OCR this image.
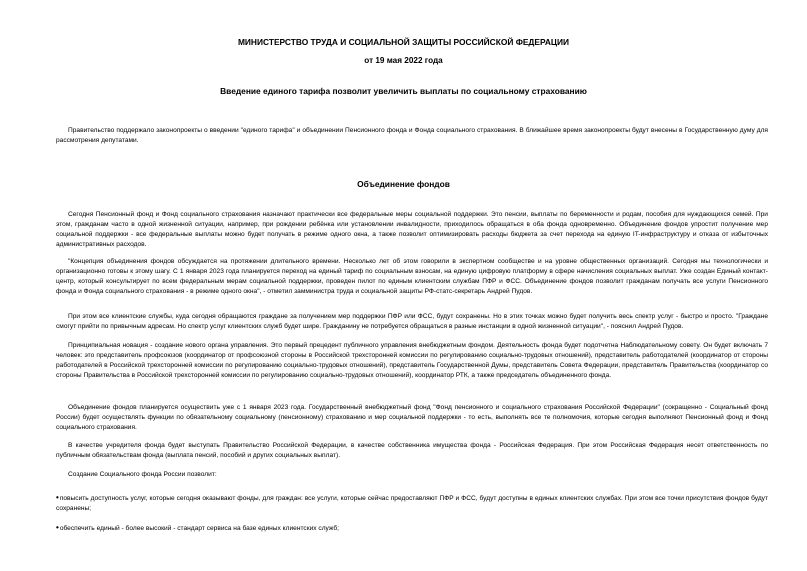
МИНИСТЕРСТВО ТРУДА И СОЦИАЛЬНОЙ ЗАЩИТЫ РОССИЙСКОЙ ФЕДЕРАЦИИ
от 19 мая 2022 года
Введение единого тарифа позволит увеличить выплаты по социальному страхованию
Правительство поддержало законопроекты о введении "единого тарифа" и объединении Пенсионного фонда и Фонда социального страхования. В ближайшее время законопроекты будут внесены в Государственную думу для рассмотрения депутатами.
Объединение фондов
Сегодня Пенсионный фонд и Фонд социального страхования назначают практически все федеральные меры социальной поддержки. Это пенсии, выплаты по беременности и родам, пособия для нуждающихся семей. При этом, гражданам часто в одной жизненной ситуации, например, при рождении ребёнка или установлении инвалидности, приходилось обращаться в оба фонда одновременно. Объединение фондов упростит получение мер социальной поддержки - все федеральные выплаты можно будет получать в режиме одного окна, а также позволит оптимизировать расходы бюджета за счет перехода на единую IT-инфраструктуру и отказа от избыточных административных расходов.
"Концепция объединения фондов обсуждается на протяжении длительного времени. Несколько лет об этом говорили в экспертном сообществе и на уровне общественных организаций. Сегодня мы технологически и организационно готовы к этому шагу. С 1 января 2023 года планируется переход на единый тариф по социальным взносам, на единую цифровую платформу в сфере начисления социальных выплат. Уже создан Единый контакт-центр, который консультирует по всем федеральным мерам социальной поддержки, проведен пилот по единым клиентским службам ПФР и ФСС. Объединение фондов позволит гражданам получать все услуги Пенсионного фонда и Фонда социального страхования - в режиме одного окна", - отметил замминистра труда и социальной защиты РФ-статс-секретарь Андрей Пудов.
При этом все клиентские службы, куда сегодня обращаются граждане за получением мер поддержки ПФР или ФСС, будут сохранены. Но в этих точках можно будет получить весь спектр услуг - быстро и просто. "Граждане смогут прийти по привычным адресам. Но спектр услуг клиентских служб будет шире. Гражданину не потребуется обращаться в разные инстанции в одной жизненной ситуации", - пояснил Андрей Пудов.
Принципиальная новация - создание нового органа управления. Это первый прецедент публичного управления внебюджетным фондом. Деятельность фонда будет подотчетна Наблюдательному совету. Он будет включать 7 человек: это представитель профсоюзов (координатор от профсоюзной стороны в Российской трехсторонней комиссии по регулированию социально-трудовых отношений), представитель работодателей (координатор от стороны работодателей в Российской трехсторонней комиссии по регулированию социально-трудовых отношений), представитель Государственной Думы, представитель Совета Федерации, представитель Правительства (координатор со стороны Правительства в Российской трехсторонней комиссии по регулированию социально-трудовых отношений), координатор РТК, а также председатель объединенного фонда.
Объединение фондов планируется осуществить уже с 1 января 2023 года. Государственный внебюджетный фонд "Фонд пенсионного и социального страхования Российской Федерации" (сокращенно - Социальный фонд России) будет осуществлять функции по обязательному социальному (пенсионному) страхованию и мер социальной поддержки - то есть, выполнять все те полномочия, которые сегодня выполняют Пенсионный фонд и Фонд социального страхования.
В качестве учредителя фонда будет выступать Правительство Российской Федерации, в качестве собственника имущества фонда - Российская Федерация. При этом Российская Федерация несет ответственность по публичным обязательствам фонда (выплата пенсий, пособий и других социальных выплат).
Создание Социального фонда России позволит:
•повысить доступность услуг, которые сегодня оказывают фонды, для граждан: все услуги, которые сейчас предоставляют ПФР и ФСС, будут доступны в единых клиентских службах. При этом все точки присутствия фондов будут сохранены;
•обеспечить единый - более высокий - стандарт сервиса на базе единых клиентских служб;
